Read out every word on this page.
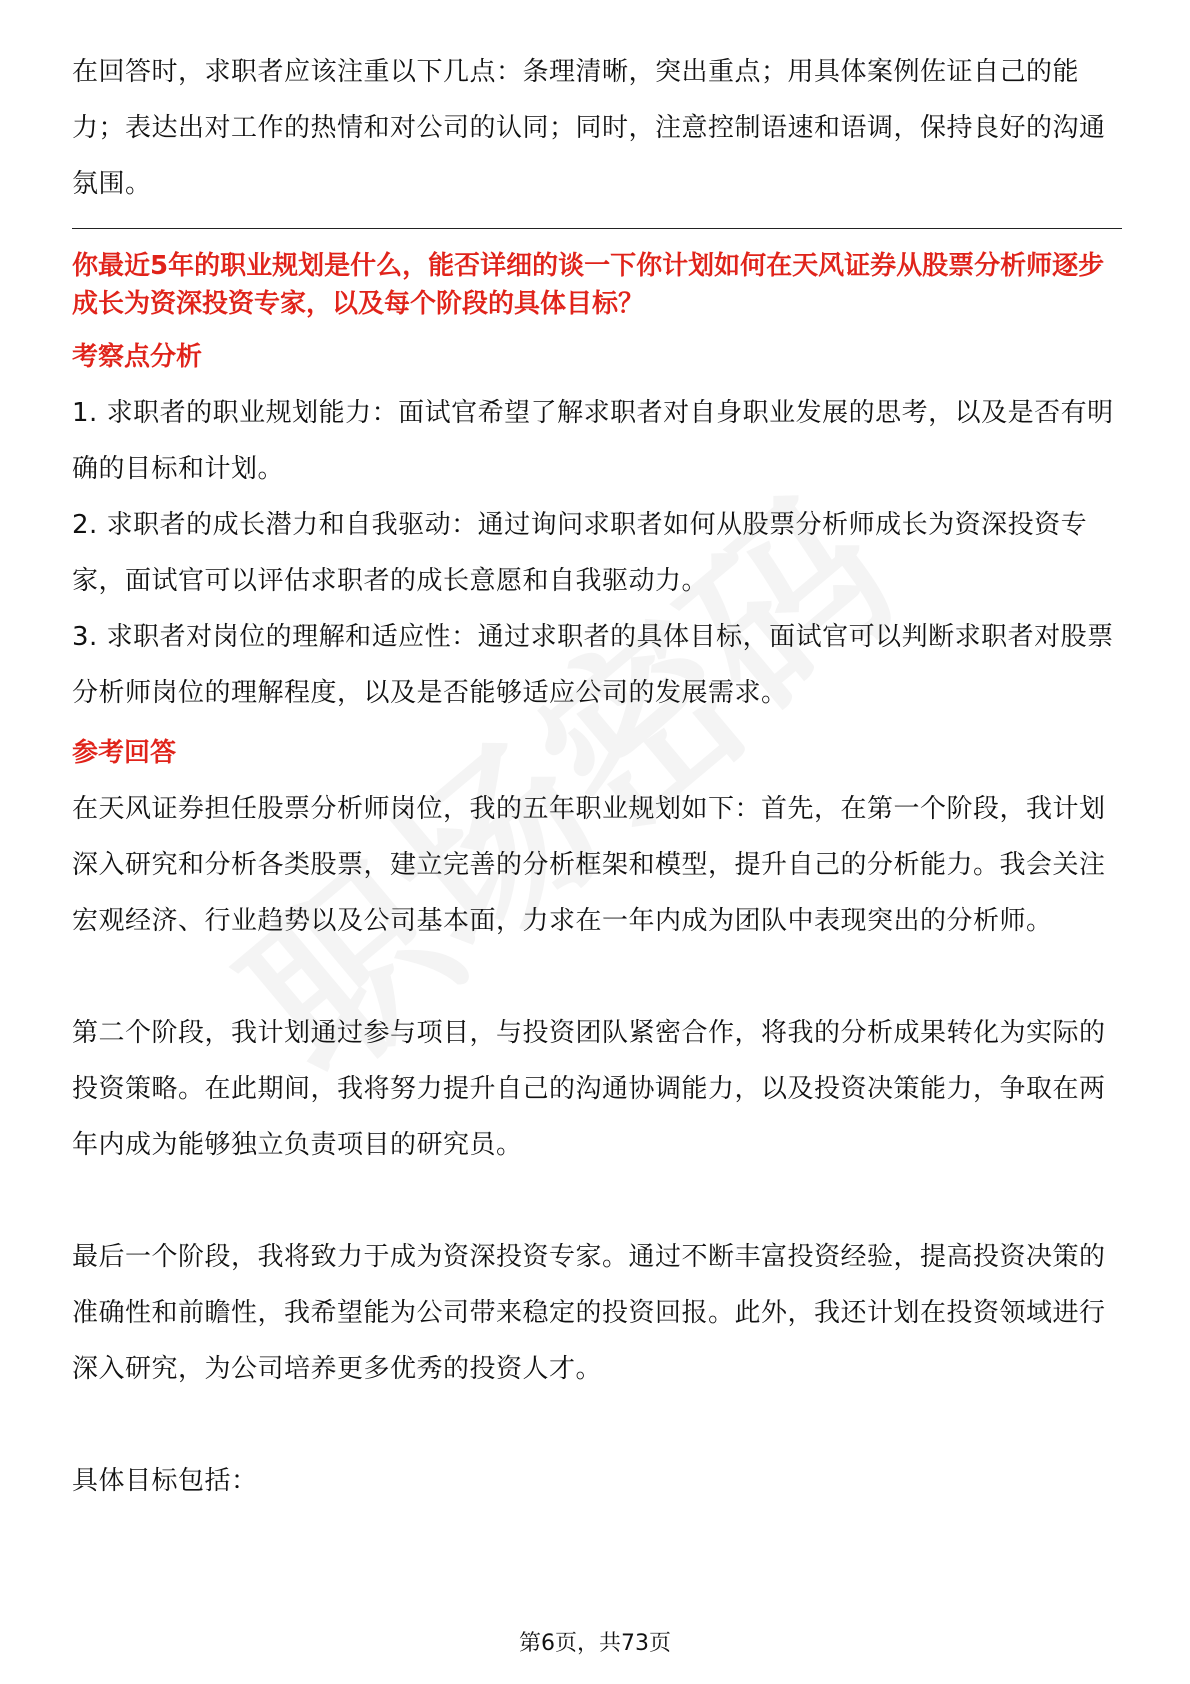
在回答时，求职者应该注重以下几点：条理清晰，突出重点；用具体案例佐证自己的能力；表达出对工作的热情和对公司的认同；同时，注意控制语速和语调，保持良好的沟通氛围。

你最近5年的职业规划是什么，能否详细的谈一下你计划如何在天风证券从股票分析师逐步成长为资深投资专家，以及每个阶段的具体目标？

考察点分析

1. 求职者的职业规划能力：面试官希望了解求职者对自身职业发展的思考，以及是否有明确的目标和计划。

2. 求职者的成长潜力和自我驱动：通过询问求职者如何从股票分析师成长为资深投资专家，面试官可以评估求职者的成长意愿和自我驱动力。

3. 求职者对岗位的理解和适应性：通过求职者的具体目标，面试官可以判断求职者对股票分析师岗位的理解程度，以及是否能够适应公司的发展需求。

参考回答

在天风证券担任股票分析师岗位，我的五年职业规划如下：首先，在第一个阶段，我计划深入研究和分析各类股票，建立完善的分析框架和模型，提升自己的分析能力。我会关注宏观经济、行业趋势以及公司基本面，力求在一年内成为团队中表现突出的分析师。

第二个阶段，我计划通过参与项目，与投资团队紧密合作，将我的分析成果转化为实际的投资策略。在此期间，我将努力提升自己的沟通协调能力，以及投资决策能力，争取在两年内成为能够独立负责项目的研究员。

最后一个阶段，我将致力于成为资深投资专家。通过不断丰富投资经验，提高投资决策的准确性和前瞻性，我希望能为公司带来稳定的投资回报。此外，我还计划在投资领域进行深入研究，为公司培养更多优秀的投资人才。

具体目标包括：

第6页，共73页
